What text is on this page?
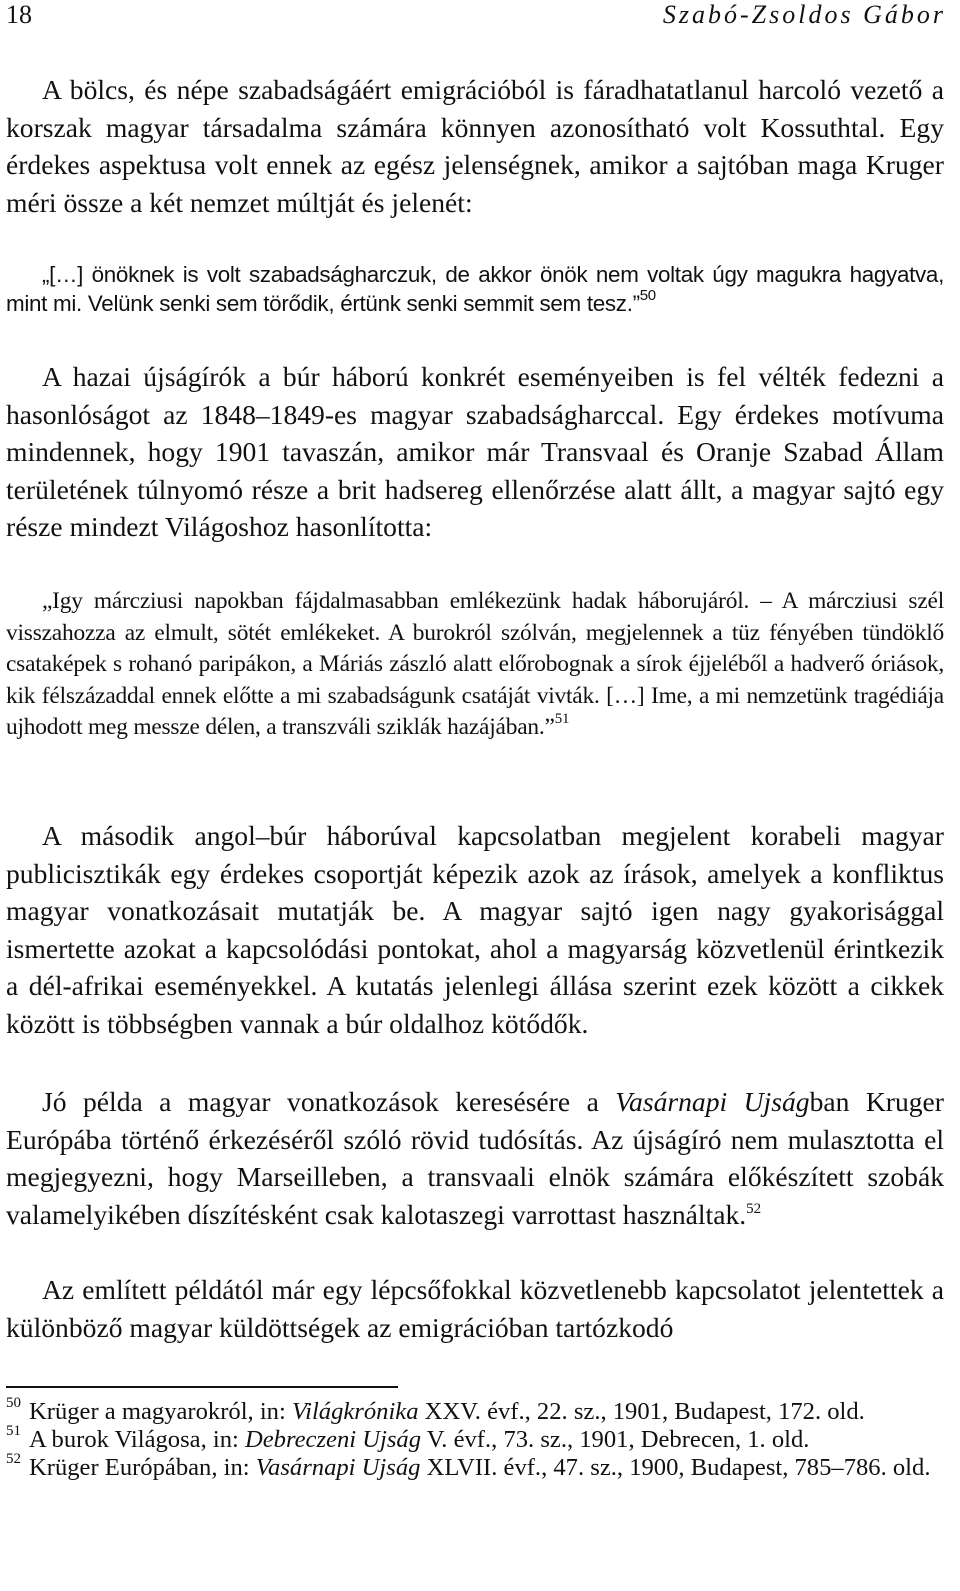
18	Szabó-Zsoldos Gábor

A bölcs, és népe szabadságáért emigrációból is fáradhatatlanul harcoló vezető a korszak magyar társadalma számára könnyen azonosítható volt Kossuthtal. Egy érdekes aspektusa volt ennek az egész jelenségnek, amikor a sajtóban maga Kruger méri össze a két nemzet múltját és jelenét:

„[…] önöknek is volt szabadságharczuk, de akkor önök nem voltak úgy magukra hagyatva, mint mi. Velünk senki sem törődik, értünk senki semmit sem tesz.”$^{50}$

A hazai újságírók a búr háború konkrét eseményeiben is fel vélték fedezni a hasonlóságot az 1848–1849-es magyar szabadságharccal. Egy érdekes motívuma mindennek, hogy 1901 tavaszán, amikor már Transvaal és Oranje Szabad Állam területének túlnyomó része a brit hadsereg ellenőrzése alatt állt, a magyar sajtó egy része mindezt Világoshoz hasonlította:

„Igy márcziusi napokban fájdalmasabban emlékezünk hadak háborujáról. – A márcziusi szél visszahozza az elmult, sötét emlékeket. A burokról szólván, megjelennek a tüz fényében tündöklő csataképek s rohanó paripákon, a Máriás zászló alatt előrobognak a sírok éjjeléből a hadverő óriások, kik félszázaddal ennek előtte a mi szabadságunk csatáját vivták. […] Ime, a mi nemzetünk tragédiája ujhodott meg messze délen, a transzváli sziklák hazájában.”$^{51}$

A második angol–búr háborúval kapcsolatban megjelent korabeli magyar publicisztikák egy érdekes csoportját képezik azok az írások, amelyek a konfliktus magyar vonatkozásait mutatják be. A magyar sajtó igen nagy gyakorisággal ismertette azokat a kapcsolódási pontokat, ahol a magyarság közvetlenül érintkezik a dél-afrikai eseményekkel. A kutatás jelenlegi állása szerint ezek között a cikkek között is többségben vannak a búr oldalhoz kötődők.

Jó példa a magyar vonatkozások keresésére a Vasárnapi Ujságban Kruger Európába történő érkezéséről szóló rövid tudósítás. Az újságíró nem mulasztotta el megjegyezni, hogy Marseilleben, a transvaali elnök számára előkészített szobák valamelyikében díszítésként csak kalotaszegi varrottast használtak.$^{52}$

Az említett példától már egy lépcsőfokkal közvetlenebb kapcsolatot jelentettek a különböző magyar küldöttségek az emigrációban tartózkodó

$^{50}$ Krüger a magyarokról, in: Világkrónika XXV. évf., 22. sz., 1901, Budapest, 172. old.

$^{51}$ A burok Világosa, in: Debreczeni Ujság V. évf., 73. sz., 1901, Debrecen, 1. old.

$^{52}$ Krüger Európában, in: Vasárnapi Ujság XLVII. évf., 47. sz., 1900, Budapest, 785–786. old.
